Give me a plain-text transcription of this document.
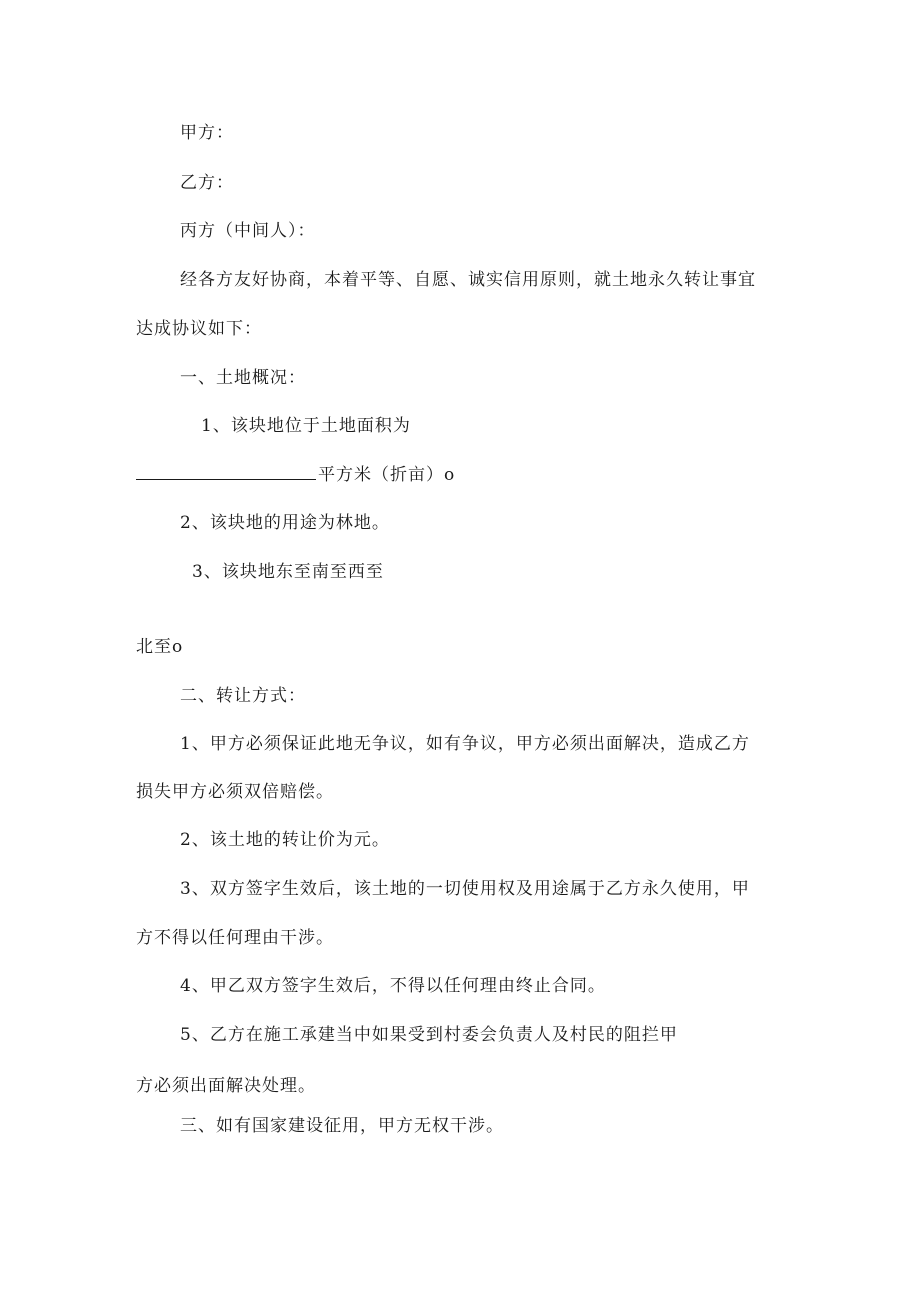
甲方：
乙方：
丙方（中间人）：
经各方友好协商，本着平等、自愿、诚实信用原则，就土地永久转让事宜
达成协议如下：
一、土地概况：
1、该块地位于土地面积为
平方米（折亩）o
2、该块地的用途为林地。
3、该块地东至南至西至
北至o
二、转让方式：
1、甲方必须保证此地无争议，如有争议，甲方必须出面解决，造成乙方
损失甲方必须双倍赔偿。
2、该土地的转让价为元。
3、双方签字生效后，该土地的一切使用权及用途属于乙方永久使用，甲
方不得以任何理由干涉。
4、甲乙双方签字生效后，不得以任何理由终止合同。
5、乙方在施工承建当中如果受到村委会负责人及村民的阻拦甲
方必须出面解决处理。
三、如有国家建设征用，甲方无权干涉。
